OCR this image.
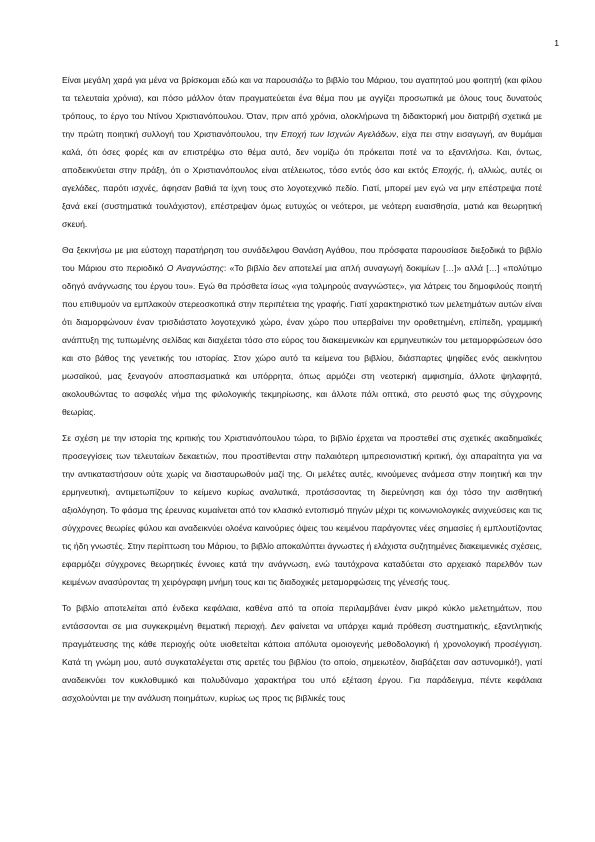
1

Είναι μεγάλη χαρά για μένα να βρίσκομαι εδώ και να παρουσιάζω το βιβλίο του Μάριου, του αγαπητού μου φοιτητή (και φίλου τα τελευταία χρόνια), και πόσο μάλλον όταν πραγματεύεται ένα θέμα που με αγγίζει προσωπικά με όλους τους δυνατούς τρόπους, το έργο του Ντίνου Χριστιανόπουλου. Όταν, πριν από χρόνια, ολοκλήρωνα τη διδακτορική μου διατριβή σχετικά με την πρώτη ποιητική συλλογή του Χριστιανόπουλου, την Εποχή των Ισχνών Αγελάδων, είχα πει στην εισαγωγή, αν θυμάμαι καλά, ότι όσες φορές και αν επιστρέψω στο θέμα αυτό, δεν νομίζω ότι πρόκειται ποτέ να το εξαντλήσω. Και, όντως, αποδεικνύεται στην πράξη, ότι ο Χριστιανόπουλος είναι ατέλειωτος, τόσο εντός όσο και εκτός Εποχής, ή, αλλιώς, αυτές οι αγελάδες, παρότι ισχνές, άφησαν βαθιά τα ίχνη τους στο λογοτεχνικό πεδίο. Γιατί, μπορεί μεν εγώ να μην επέστρεψα ποτέ ξανά εκεί (συστηματικά τουλάχιστον), επέστρεψαν όμως ευτυχώς οι νεότεροι, με νεότερη ευαισθησία, ματιά και θεωρητική σκευή.

Θα ξεκινήσω με μια εύστοχη παρατήρηση του συνάδελφου Θανάση Αγάθου, που πρόσφατα παρουσίασε διεξοδικά το βιβλίο του Μάριου στο περιοδικό Ο Αναγνώστης: «Το βιβλίο δεν αποτελεί μια απλή συναγωγή δοκιμίων […]» αλλά […] «πολύτιμο οδηγό ανάγνωσης του έργου του». Εγώ θα πρόσθετα ίσως «για τολμηρούς αναγνώστες», για λάτρεις του δημοφιλούς ποιητή που επιθυμούν να εμπλακούν στερεοσκοπικά στην περιπέτεια της γραφής. Γιατί χαρακτηριστικό των μελετημάτων αυτών είναι ότι διαμορφώνουν έναν τρισδιάστατο λογοτεχνικό χώρο, έναν χώρο που υπερβαίνει την οροθετημένη, επίπεδη, γραμμική ανάπτυξη της τυπωμένης σελίδας και διαχέεται τόσο στο εύρος του διακειμενικών και ερμηνευτικών του μεταμορφώσεων όσο και στο βάθος της γενετικής του ιστορίας. Στον χώρο αυτό τα κείμενα του βιβλίου, διάσπαρτες ψηφίδες ενός αεικίνητου μωσαϊκού, μας ξεναγούν αποσπασματικά και υπόρρητα, όπως αρμόζει στη νεοτερική αμφισημία, άλλοτε ψηλαφητά, ακολουθώντας το ασφαλές νήμα της φιλολογικής τεκμηρίωσης, και άλλοτε πάλι οπτικά, στο ρευστό φως της σύγχρονης θεωρίας.

Σε σχέση με την ιστορία της κριτικής του Χριστιανόπουλου τώρα, το βιβλίο έρχεται να προστεθεί στις σχετικές ακαδημαϊκές προσεγγίσεις των τελευταίων δεκαετιών, που προστίθενται στην παλαιότερη ιμπρεσιονιστική κριτική, όχι απαραίτητα για να την αντικαταστήσουν ούτε χωρίς να διασταυρωθούν μαζί της. Οι μελέτες αυτές, κινούμενες ανάμεσα στην ποιητική και την ερμηνευτική, αντιμετωπίζουν το κείμενο κυρίως αναλυτικά, προτάσσοντας τη διερεύνηση και όχι τόσο την αισθητική αξιολόγηση. Το φάσμα της έρευνας κυμαίνεται από τον κλασικό εντοπισμό πηγών μέχρι τις κοινωνιολογικές ανιχνεύσεις και τις σύγχρονες θεωρίες φύλου και αναδεικνύει ολοένα καινούριες όψεις του κειμένου παράγοντες νέες σημασίες ή εμπλουτίζοντας τις ήδη γνωστές. Στην περίπτωση του Μάριου, το βιβλίο αποκαλύπτει άγνωστες ή ελάχιστα συζητημένες διακειμενικές σχέσεις, εφαρμόζει σύγχρονες θεωρητικές έννοιες κατά την ανάγνωση, ενώ ταυτόχρονα καταδύεται στο αρχειακό παρελθόν των κειμένων ανασύροντας τη χειρόγραφη μνήμη τους και τις διαδοχικές μεταμορφώσεις της γένεσής τους.

Το βιβλίο αποτελείται από ένδεκα κεφάλαια, καθένα από τα οποία περιλαμβάνει έναν μικρό κύκλο μελετημάτων, που εντάσσονται σε μια συγκεκριμένη θεματική περιοχή. Δεν φαίνεται να υπάρχει καμιά πρόθεση συστηματικής, εξαντλητικής πραγμάτευσης της κάθε περιοχής ούτε υιοθετείται κάποια απόλυτα ομοιογενής μεθοδολογική ή χρονολογική προσέγγιση. Κατά τη γνώμη μου, αυτό συγκαταλέγεται στις αρετές του βιβλίου (το οποίο, σημειωτέον, διαβάζεται σαν αστυνομικό!), γιατί αναδεικνύει τον κυκλοθυμικό και πολυδύναμο χαρακτήρα του υπό εξέταση έργου. Για παράδειγμα, πέντε κεφάλαια ασχολούνται με την ανάλυση ποιημάτων, κυρίως ως προς τις βιβλικές τους
